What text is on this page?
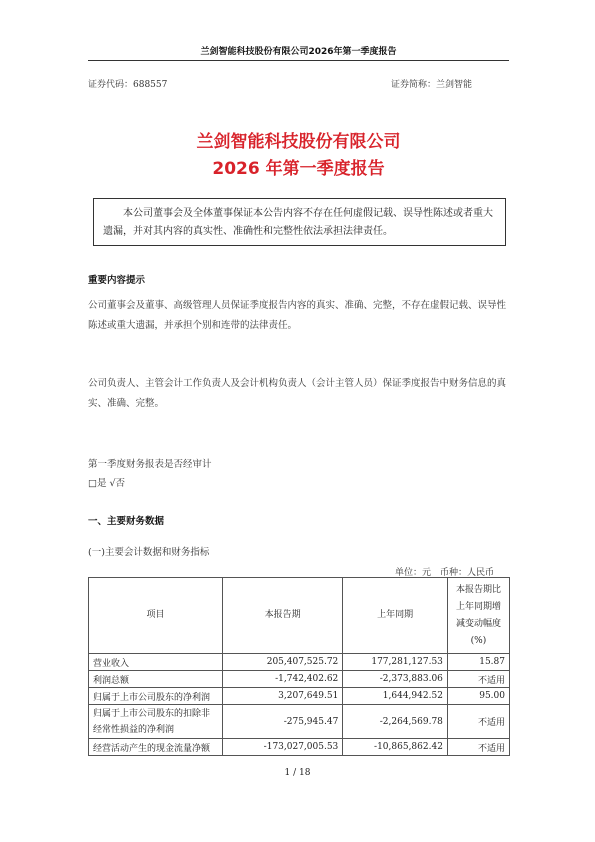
兰剑智能科技股份有限公司2026年第一季度报告
证券代码：688557	证券简称：兰剑智能
兰剑智能科技股份有限公司
2026 年第一季度报告
本公司董事会及全体董事保证本公告内容不存在任何虚假记载、误导性陈述或者重大遗漏，并对其内容的真实性、准确性和完整性依法承担法律责任。
重要内容提示
公司董事会及董事、高级管理人员保证季度报告内容的真实、准确、完整，不存在虚假记载、误导性陈述或重大遗漏，并承担个别和连带的法律责任。
公司负责人、主管会计工作负责人及会计机构负责人（会计主管人员）保证季度报告中财务信息的真实、准确、完整。
第一季度财务报表是否经审计
□是 √否
一、主要财务数据
(一)主要会计数据和财务指标
单位：元　币种：人民币
项目	本报告期	上年同期	本报告期比上年同期增减变动幅度(%)
营业收入	205,407,525.72	177,281,127.53	15.87
利润总额	-1,742,402.62	-2,373,883.06	不适用
归属于上市公司股东的净利润	3,207,649.51	1,644,942.52	95.00
归属于上市公司股东的扣除非经常性损益的净利润	-275,945.47	-2,264,569.78	不适用
经营活动产生的现金流量净额	-173,027,005.53	-10,865,862.42	不适用
1 / 18
